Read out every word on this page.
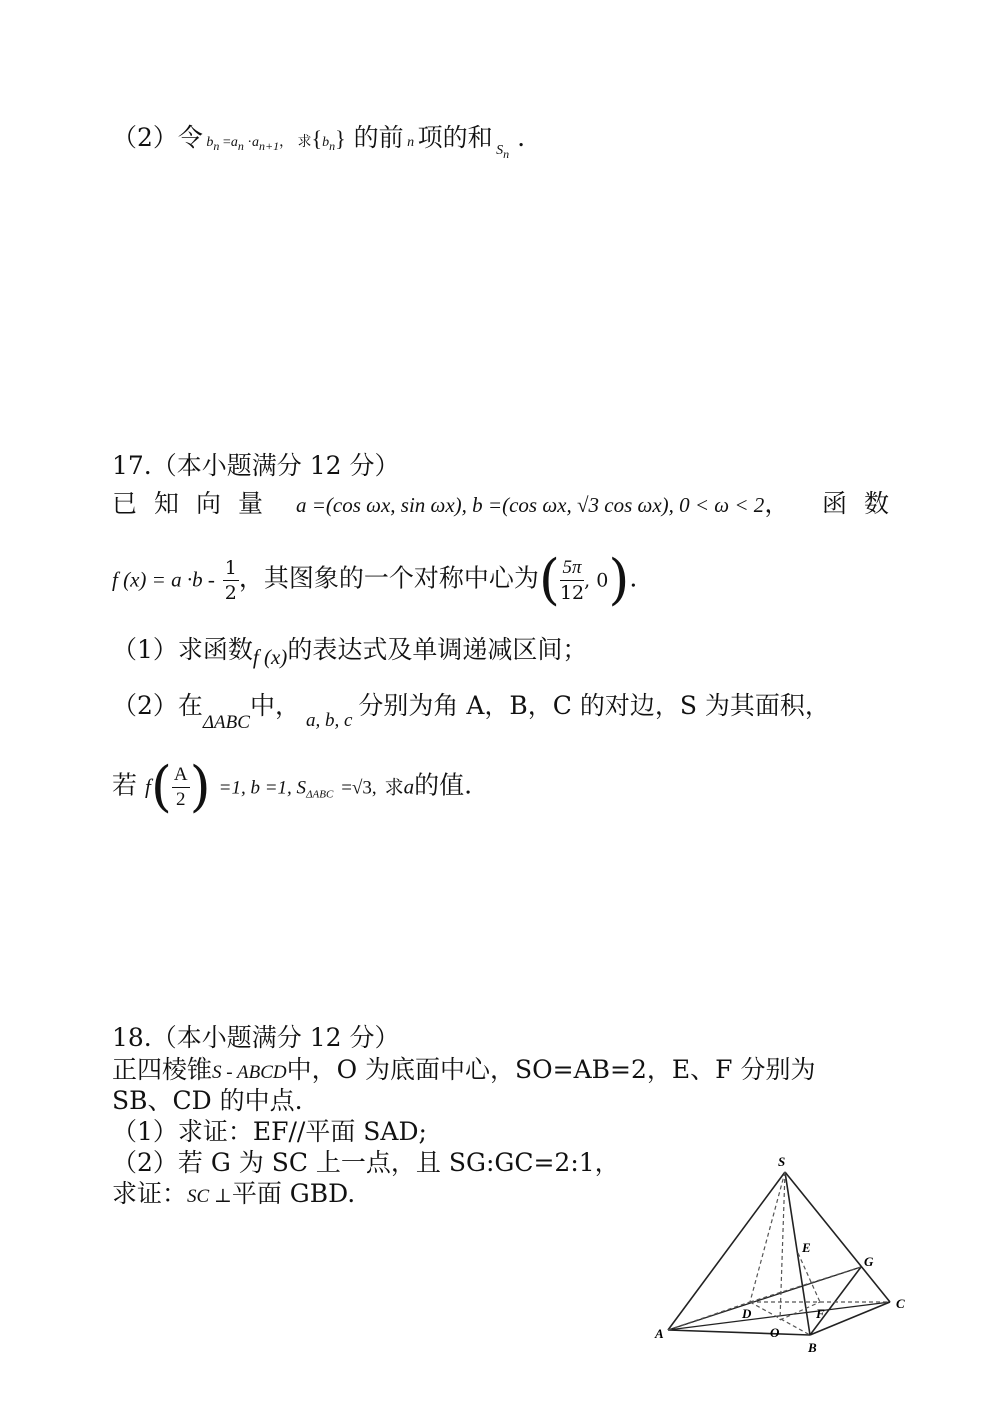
（2）令 bn =an ·an+1， 求{bn} 的前 n 项的和 $_{Sn}$ .
17.（本小题满分 12 分）
已知向量 a =(cos ωx, sin ωx), b =(cos ωx, √3 cos ωx), 0 < ω < 2， 函数
f $(x) = a \cdot b - \frac{1}{2}$ ，其图象的一个对称中心为( $\frac{5\pi}{12}$ , 0).
（1）求函数$_{f (x)}$的表达式及单调递减区间；
（2）在$_{\Delta ABC}$中，$_{a, b, c}$分别为角 A，B，C 的对边，S 为其面积，
若 $f( \frac{A}{2}$ ) =1, b =1, SΔABC =√3, 求a的值.
18.（本小题满分 12 分）
正四棱锥S - ABCD中，O 为底面中心，SO=AB=2，E、F 分别为
SB、CD 的中点.
（1）求证：EF//平面 SAD;
（2）若 G 为 SC 上一点，且 SG:GC=2:1，
求证：SC ⊥平面 GBD.
S
A
B
C
D
E
F
G
O
